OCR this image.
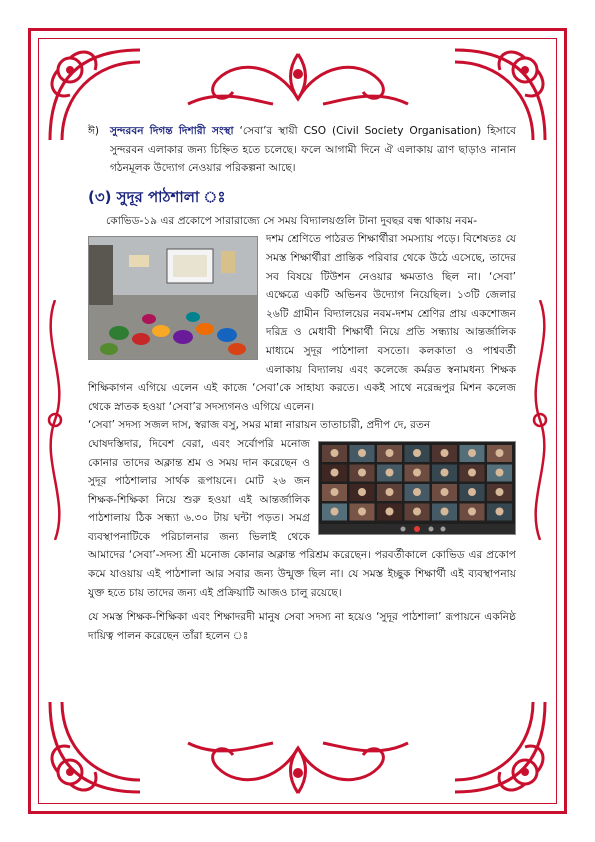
ঈ)	সুন্দরবন দিগন্ত দিশারী সংস্থা ‘সেবা’র স্থায়ী CSO (Civil Society Organisation) হিসাবে সুন্দরবন এলাকার জন্য চিহ্নিত হতে চলেছে। ফলে আগামী দিনে ঐ এলাকায় ত্রাণ ছাড়াও নানান গঠনমূলক উদ্যোগ নেওয়ার পরিকল্পনা আছে।
(৩) সুদূর পাঠশালা ঃ
কোভিড-১৯ এর প্রকোপে সারারাজ্যে সে সময় বিদ্যালয়গুলি টানা দুবছর বন্ধ থাকায় নবম-
দশম শ্রেণিতে পাঠরত শিক্ষার্থীরা সমস্যায় পড়ে। বিশেষতঃ যে সমস্ত শিক্ষার্থীরা প্রান্তিক পরিবার থেকে উঠে এসেছে, তাদের সব বিষয়ে টিউশন নেওয়ার ক্ষমতাও ছিল না। ‘সেবা’ এক্ষেত্রে একটি অভিনব উদ্যোগ নিয়েছিল। ১৩টি জেলার ২৬টি গ্রামীন বিদ্যালয়ের নবম-দশম শ্রেণির প্রায় একশোজন দরিদ্র ও মেধাবী শিক্ষার্থী নিয়ে প্রতি সন্ধ্যায় আন্তর্জালিক মাধ্যমে সুদূর পাঠশালা বসতো। কলকাতা ও পাশ্ববর্তী এলাকায় বিদ্যালয় এবং কলেজে কর্মরত স্বনামধন্য শিক্ষক শিক্ষিকাগন এগিয়ে এলেন এই কাজে ‘সেবা’কে সাহায্য করতে। একই সাথে নরেন্দ্রপুর মিশন কলেজ থেকে স্নাতক হওয়া ‘সেবা’র সদস্যগনও এগিয়ে এলেন।
‘সেবা’ সদস্য সজল দাস, স্বরাজ বসু, সমর মান্না নারায়ন তাতাচারী, প্রদীপ দে, রতন
ঘোষদস্তিদার, দিবেশ বেরা, এবং সর্বোপরি মনোজ কোনার তাদের অক্লান্ত শ্রম ও সময় দান করেছেন ও সুদূর পাঠশালার সার্থক রূপায়নে। মোট ২৬ জন শিক্ষক-শিক্ষিকা নিয়ে শুরু হওয়া এই আন্তর্জালিক পাঠশালায় ঠিক সন্ধ্যা ৬.৩০ টায় ঘন্টা পড়ত। সমগ্র ব্যবস্থাপনাটিকে পরিচালনার জন্য ভিলাই থেকে আমাদের ‘সেবা’-সদস্য শ্রী মনোজ কোনার অক্লান্ত পরিশ্রম করেছেন। পরবর্তীকালে কোভিড এর প্রকোপ কমে যাওয়ায় এই পাঠশালা আর সবার জন্য উন্মুক্ত ছিল না। যে সমস্ত ইচ্ছুক শিক্ষার্থী এই ব্যবস্থাপনায় যুক্ত হতে চায় তাদের জন্য এই প্রক্রিয়াটি আজও চালু রয়েছে।
যে সমস্ত শিক্ষক-শিক্ষিকা এবং শিক্ষাদরদী মানুষ সেবা সদস্য না হয়েও ‘সুদূর পাঠশালা’ রূপায়নে একনিষ্ঠ দায়িত্ব পালন করেছেন তাঁরা হলেন ঃ
